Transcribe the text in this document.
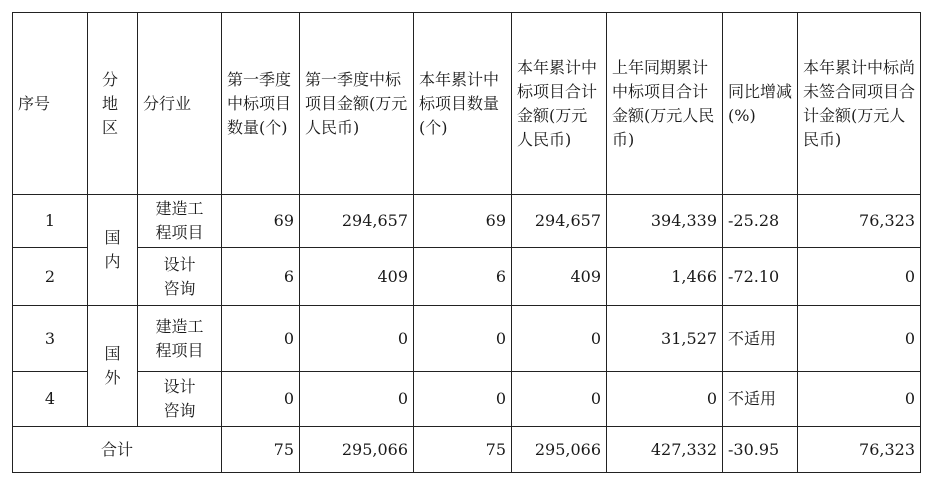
序号	分地区	分行业	第一季度中标项目数量(个)	第一季度中标项目金额(万元人民币)	本年累计中标项目数量(个)	本年累计中标项目合计金额(万元人民币)	上年同期累计中标项目合计金额(万元人民币)	同比增减(%)	本年累计中标尚未签合同项目合计金额(万元人民币)
1	国内	建造工程项目	69	294,657	69	294,657	394,339	-25.28	76,323
2		设计咨询	6	409	6	409	1,466	-72.10	0
3	国外	建造工程项目	0	0	0	0	31,527	不适用	0
4		设计咨询	0	0	0	0	0	不适用	0
合计			75	295,066	75	295,066	427,332	-30.95	76,323
